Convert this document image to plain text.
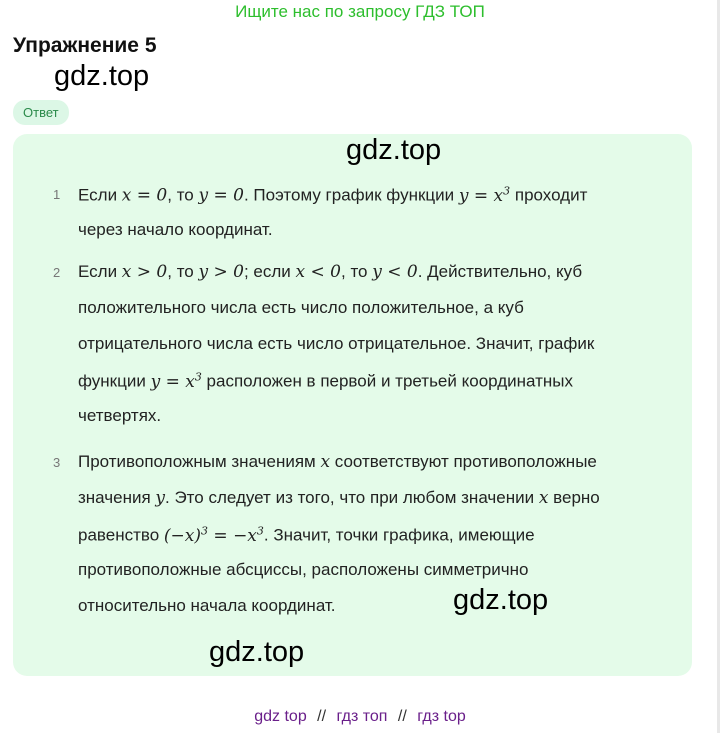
Ищите нас по запросу ГДЗ ТОП
Упражнение 5
gdz.top
Ответ
gdz.top
1 Если x = 0, то y = 0. Поэтому график функции $y = x^3$ проходит
через начало координат.
2 Если x > 0, то y > 0; если x < 0, то y < 0. Действительно, куб
положительного числа есть число положительное, а куб
отрицательного числа есть число отрицательное. Значит, график
функции $y = x^3$ расположен в первой и третьей координатных
четвертях.
3 Противоположным значениям x соответствуют противоположные
значения y. Это следует из того, что при любом значении x верно
равенство $(-x)^3 = -x^3$. Значит, точки графика, имеющие
противоположные абсциссы, расположены симметрично
относительно начала координат.	gdz.top
gdz.top
gdz top // гдз топ // гдз top
